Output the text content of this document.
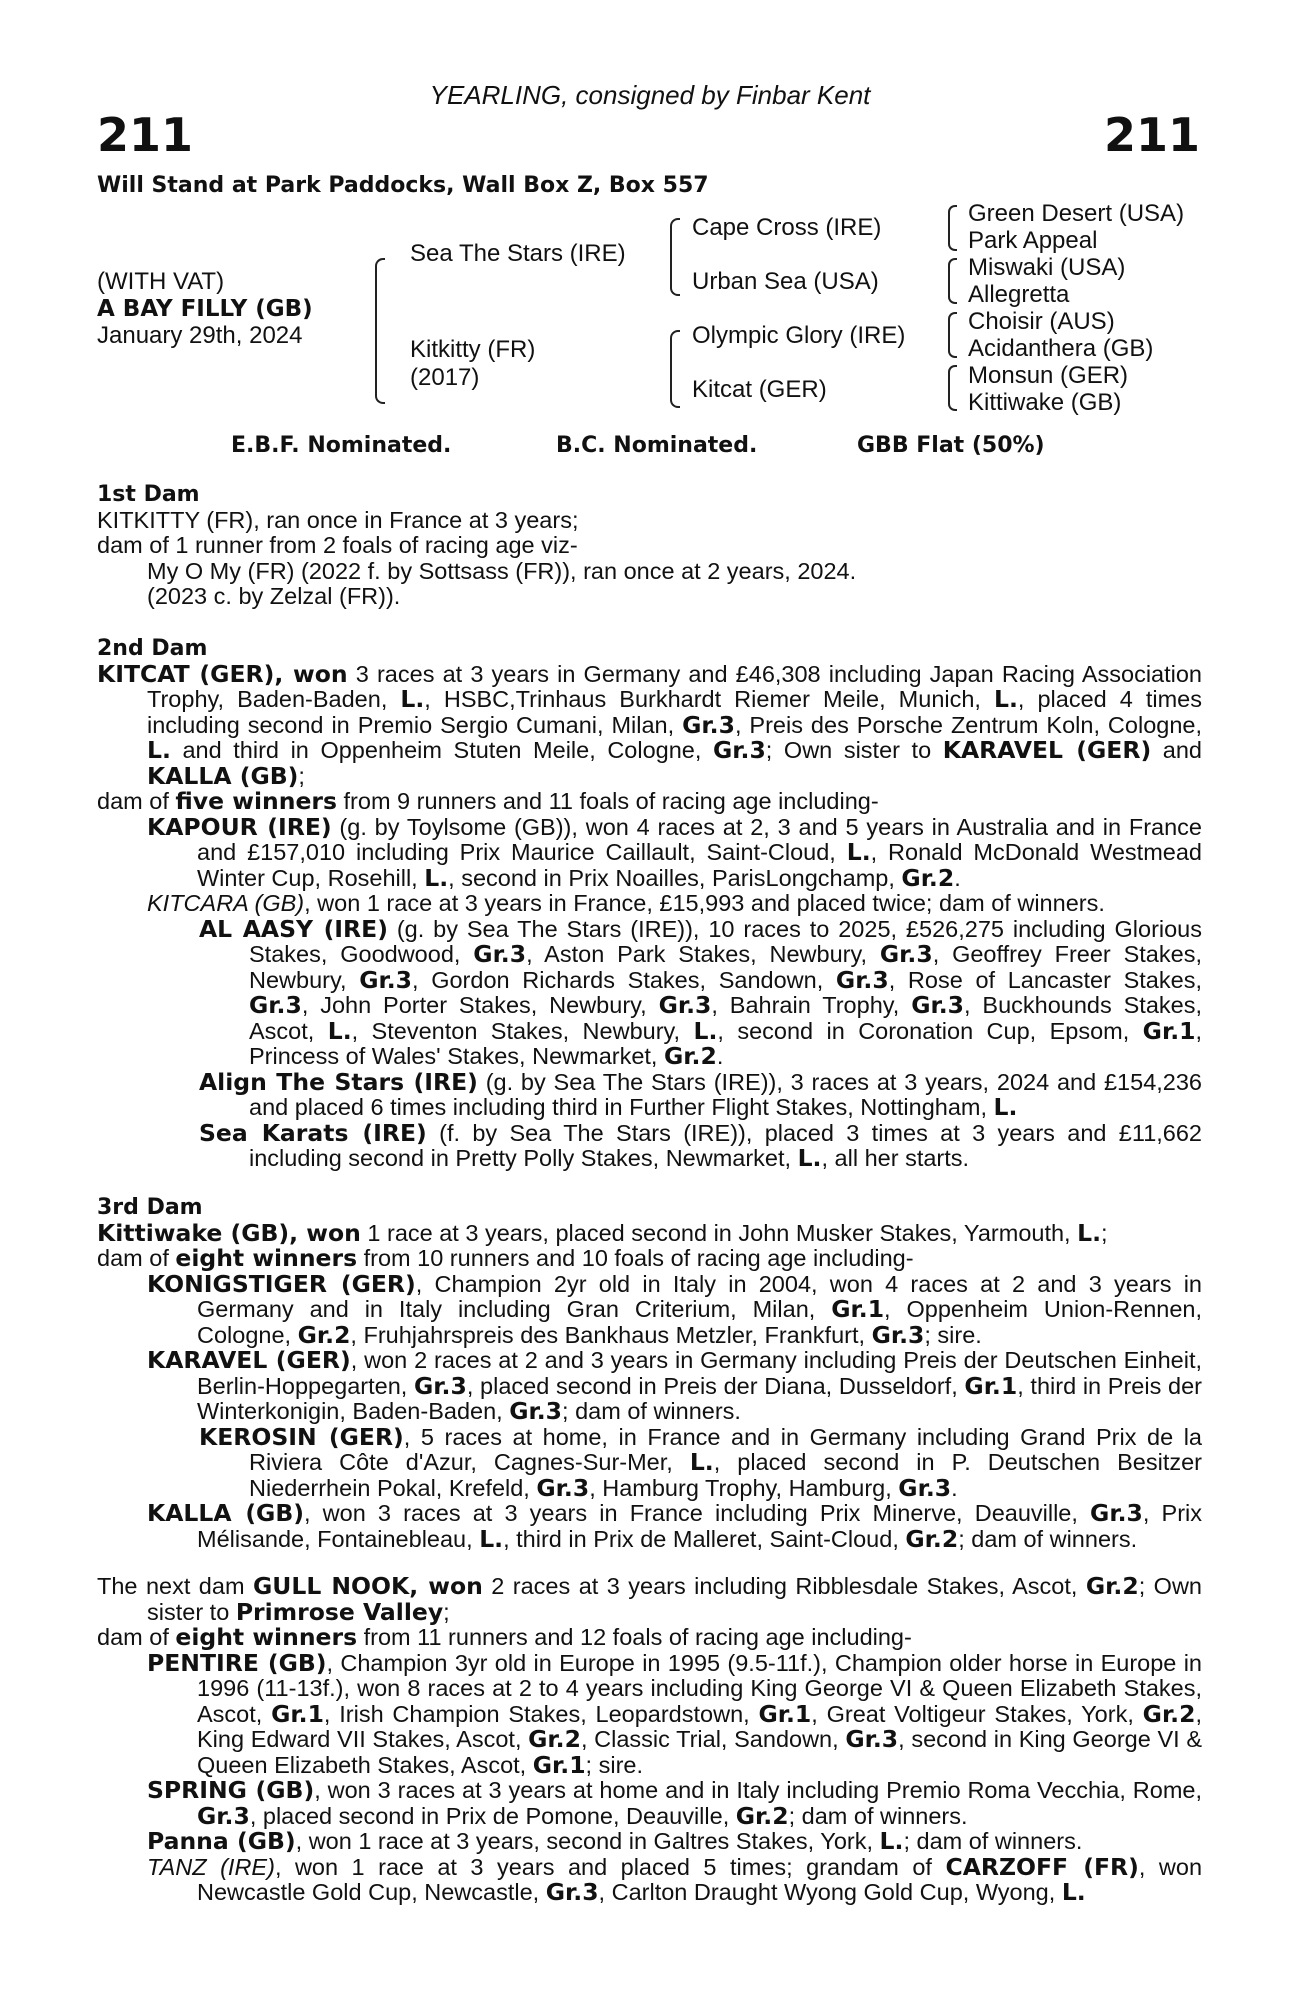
211
YEARLING, consigned by Finbar Kent
211
Will Stand at Park Paddocks, Wall Box Z, Box 557
(WITH VAT)
A BAY FILLY (GB)
January 29th, 2024
Sea The Stars (IRE)
Kitkitty (FR)
(2017)
Cape Cross (IRE)
Urban Sea (USA)
Olympic Glory (IRE)
Kitcat (GER)
Green Desert (USA)
Park Appeal
Miswaki (USA)
Allegretta
Choisir (AUS)
Acidanthera (GB)
Monsun (GER)
Kittiwake (GB)
E.B.F. Nominated.	B.C. Nominated.	GBB Flat (50%)
1st Dam
KITKITTY (FR), ran once in France at 3 years;
dam of 1 runner from 2 foals of racing age viz-
My O My (FR) (2022 f. by Sottsass (FR)), ran once at 2 years, 2024.
(2023 c. by Zelzal (FR)).
2nd Dam
KITCAT (GER), won 3 races at 3 years in Germany and £46,308 including Japan Racing Association Trophy, Baden-Baden, L., HSBC,Trinhaus Burkhardt Riemer Meile, Munich, L., placed 4 times including second in Premio Sergio Cumani, Milan, Gr.3, Preis des Porsche Zentrum Koln, Cologne, L. and third in Oppenheim Stuten Meile, Cologne, Gr.3; Own sister to KARAVEL (GER) and KALLA (GB);
dam of five winners from 9 runners and 11 foals of racing age including-
KAPOUR (IRE) (g. by Toylsome (GB)), won 4 races at 2, 3 and 5 years in Australia and in France and £157,010 including Prix Maurice Caillault, Saint-Cloud, L., Ronald McDonald Westmead Winter Cup, Rosehill, L., second in Prix Noailles, ParisLongchamp, Gr.2.
KITCARA (GB), won 1 race at 3 years in France, £15,993 and placed twice; dam of winners.
AL AASY (IRE) (g. by Sea The Stars (IRE)), 10 races to 2025, £526,275 including Glorious Stakes, Goodwood, Gr.3, Aston Park Stakes, Newbury, Gr.3, Geoffrey Freer Stakes, Newbury, Gr.3, Gordon Richards Stakes, Sandown, Gr.3, Rose of Lancaster Stakes, Gr.3, John Porter Stakes, Newbury, Gr.3, Bahrain Trophy, Gr.3, Buckhounds Stakes, Ascot, L., Steventon Stakes, Newbury, L., second in Coronation Cup, Epsom, Gr.1, Princess of Wales' Stakes, Newmarket, Gr.2.
Align The Stars (IRE) (g. by Sea The Stars (IRE)), 3 races at 3 years, 2024 and £154,236 and placed 6 times including third in Further Flight Stakes, Nottingham, L.
Sea Karats (IRE) (f. by Sea The Stars (IRE)), placed 3 times at 3 years and £11,662 including second in Pretty Polly Stakes, Newmarket, L., all her starts.
3rd Dam
Kittiwake (GB), won 1 race at 3 years, placed second in John Musker Stakes, Yarmouth, L.;
dam of eight winners from 10 runners and 10 foals of racing age including-
KONIGSTIGER (GER), Champion 2yr old in Italy in 2004, won 4 races at 2 and 3 years in Germany and in Italy including Gran Criterium, Milan, Gr.1, Oppenheim Union-Rennen, Cologne, Gr.2, Fruhjahrspreis des Bankhaus Metzler, Frankfurt, Gr.3; sire.
KARAVEL (GER), won 2 races at 2 and 3 years in Germany including Preis der Deutschen Einheit, Berlin-Hoppegarten, Gr.3, placed second in Preis der Diana, Dusseldorf, Gr.1, third in Preis der Winterkonigin, Baden-Baden, Gr.3; dam of winners.
KEROSIN (GER), 5 races at home, in France and in Germany including Grand Prix de la Riviera Côte d'Azur, Cagnes-Sur-Mer, L., placed second in P. Deutschen Besitzer Niederrhein Pokal, Krefeld, Gr.3, Hamburg Trophy, Hamburg, Gr.3.
KALLA (GB), won 3 races at 3 years in France including Prix Minerve, Deauville, Gr.3, Prix Mélisande, Fontainebleau, L., third in Prix de Malleret, Saint-Cloud, Gr.2; dam of winners.
The next dam GULL NOOK, won 2 races at 3 years including Ribblesdale Stakes, Ascot, Gr.2; Own sister to Primrose Valley;
dam of eight winners from 11 runners and 12 foals of racing age including-
PENTIRE (GB), Champion 3yr old in Europe in 1995 (9.5-11f.), Champion older horse in Europe in 1996 (11-13f.), won 8 races at 2 to 4 years including King George VI & Queen Elizabeth Stakes, Ascot, Gr.1, Irish Champion Stakes, Leopardstown, Gr.1, Great Voltigeur Stakes, York, Gr.2, King Edward VII Stakes, Ascot, Gr.2, Classic Trial, Sandown, Gr.3, second in King George VI & Queen Elizabeth Stakes, Ascot, Gr.1; sire.
SPRING (GB), won 3 races at 3 years at home and in Italy including Premio Roma Vecchia, Rome, Gr.3, placed second in Prix de Pomone, Deauville, Gr.2; dam of winners.
Panna (GB), won 1 race at 3 years, second in Galtres Stakes, York, L.; dam of winners.
TANZ (IRE), won 1 race at 3 years and placed 5 times; grandam of CARZOFF (FR), won Newcastle Gold Cup, Newcastle, Gr.3, Carlton Draught Wyong Gold Cup, Wyong, L.
